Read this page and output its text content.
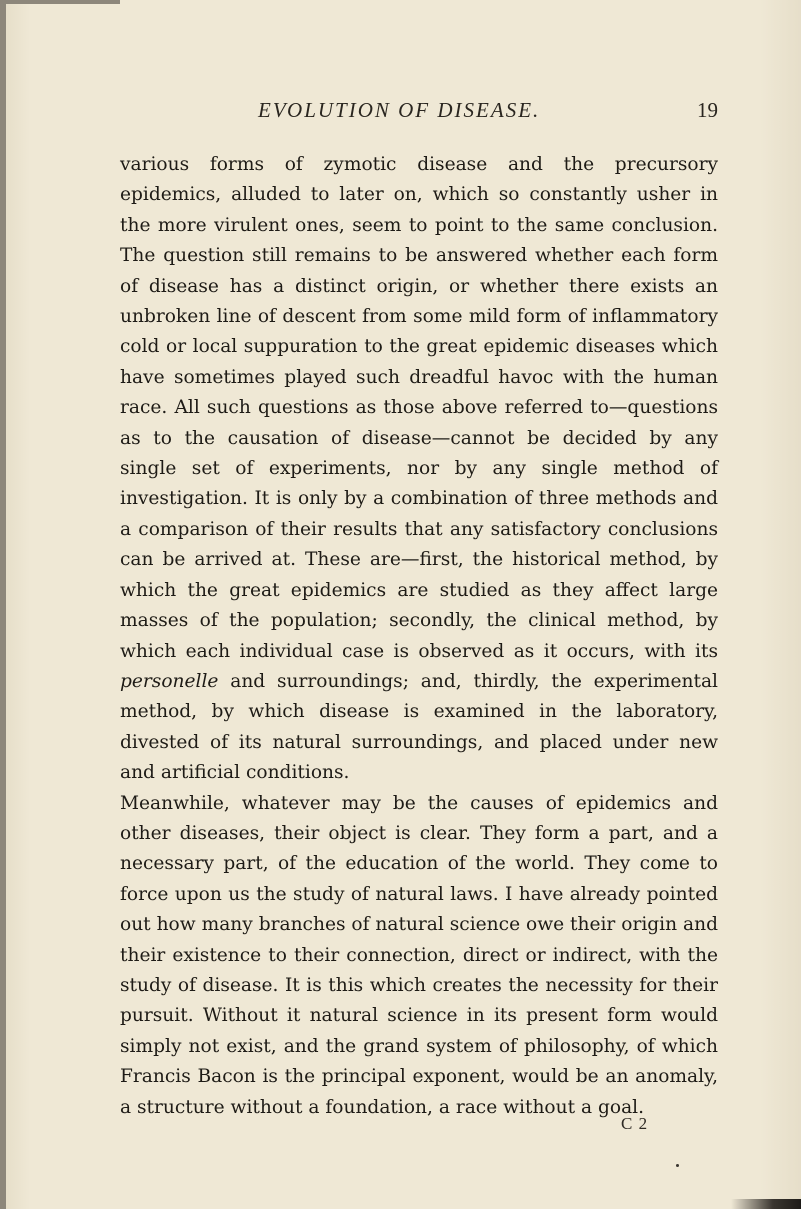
EVOLUTION OF DISEASE.	19

various forms of zymotic disease and the precursory epidemics, alluded to later on, which so constantly usher in the more virulent ones, seem to point to the same conclusion. The question still remains to be answered whether each form of disease has a distinct origin, or whether there exists an unbroken line of descent from some mild form of inflammatory cold or local suppuration to the great epidemic diseases which have sometimes played such dreadful havoc with the human race. All such questions as those above referred to—questions as to the causation of disease—cannot be decided by any single set of experiments, nor by any single method of investigation. It is only by a combination of three methods and a comparison of their results that any satisfactory conclusions can be arrived at. These are—first, the historical method, by which the great epidemics are studied as they affect large masses of the population; secondly, the clinical method, by which each individual case is observed as it occurs, with its personelle and surroundings; and, thirdly, the experimental method, by which disease is examined in the laboratory, divested of its natural surroundings, and placed under new and artificial conditions.

Meanwhile, whatever may be the causes of epidemics and other diseases, their object is clear. They form a part, and a necessary part, of the education of the world. They come to force upon us the study of natural laws. I have already pointed out how many branches of natural science owe their origin and their existence to their connection, direct or indirect, with the study of disease. It is this which creates the necessity for their pursuit. Without it natural science in its present form would simply not exist, and the grand system of philosophy, of which Francis Bacon is the principal exponent, would be an anomaly, a structure without a foundation, a race without a goal.

C 2
